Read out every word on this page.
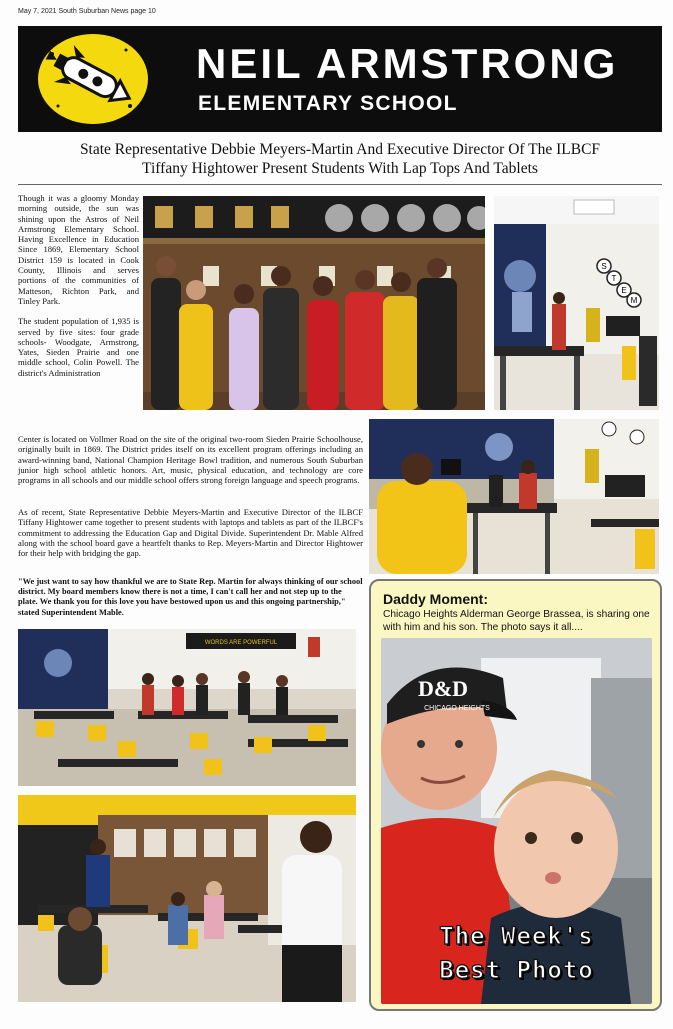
May 7, 2021 South Suburban News page 10
NEIL ARMSTRONG
ELEMENTARY SCHOOL
State Representative Debbie Meyers-Martin And Executive Director Of The ILBCF
Tiffany Hightower Present Students With Lap Tops And Tablets

Though it was a gloomy Monday morning outside, the sun was shining upon the Astros of Neil Armstrong Elementary School. Having Excellence in Education Since 1869, Elementary School District 159 is located in Cook County, Illinois and serves portions of the communities of Matteson, Richton Park, and Tinley Park.

The student population of 1,935 is served by five sites: four grade schools- Woodgate, Armstrong, Yates, Sieden Prairie and one middle school, Colin Powell. The district's Administration

Center is located on Vollmer Road on the site of the original two-room Sieden Prairie Schoolhouse, originally built in 1869. The District prides itself on its excellent program offerings including an award-winning band, National Champion Heritage Bowl tradition, and numerous South Suburban junior high school athletic honors. Art, music, physical education, and technology are core programs in all schools and our middle school offers strong foreign language and speech programs.
As of recent, State Representative Debbie Meyers-Martin and Executive Director of the ILBCF Tiffany Hightower came together to present students with laptops and tablets as part of the ILBCF's commitment to addressing the Education Gap and Digital Divide. Superintendent Dr. Mable Alfred along with the school board gave a heartfelt thanks to Rep. Meyers-Martin and Director Hightower for their help with bridging the gap.
"We just want to say how thankful we are to State Rep. Martin for always thinking of our school district. My board members know there is not a time, I can't call her and not step up to the plate. We thank you for this love you have bestowed upon us and this ongoing partnership," stated Superintendent Mable.
S
T
E
M
WORDS ARE POWERFUL
Daddy Moment:
Chicago Heights Alderman George Brassea, is sharing one with him and his son. The photo says it all....
D&D
CHICAGO HEIGHTS
The Week's
Best Photo
